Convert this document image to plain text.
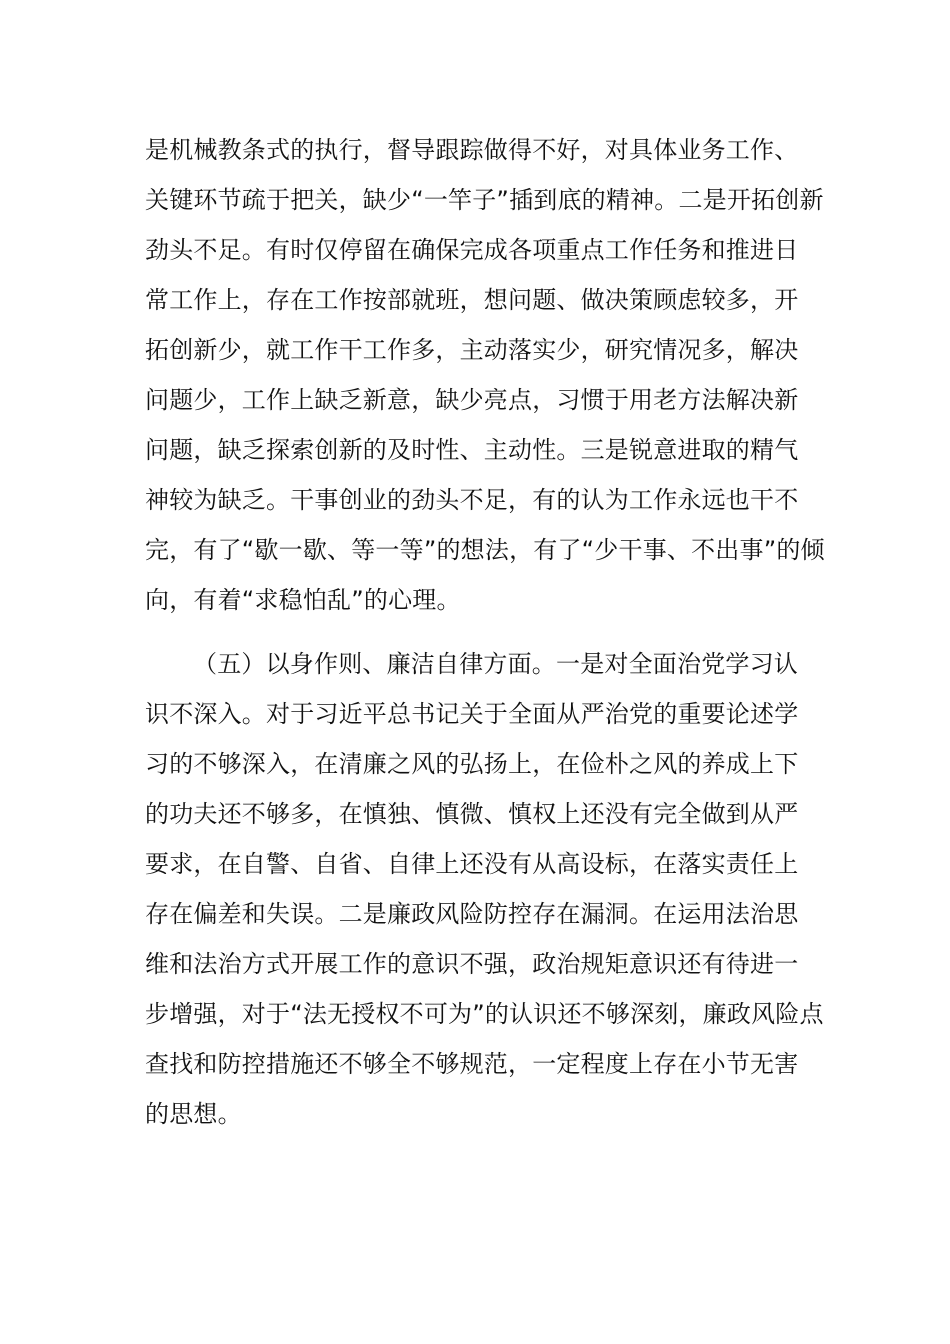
是机械教条式的执行，督导跟踪做得不好，对具体业务工作、
关键环节疏于把关，缺少“一竿子”插到底的精神。二是开拓创新
劲头不足。有时仅停留在确保完成各项重点工作任务和推进日
常工作上，存在工作按部就班，想问题、做决策顾虑较多，开
拓创新少，就工作干工作多，主动落实少，研究情况多，解决
问题少，工作上缺乏新意，缺少亮点，习惯于用老方法解决新
问题，缺乏探索创新的及时性、主动性。三是锐意进取的精气
神较为缺乏。干事创业的劲头不足，有的认为工作永远也干不
完，有了“歇一歇、等一等”的想法，有了“少干事、不出事”的倾
向，有着“求稳怕乱”的心理。
（五）以身作则、廉洁自律方面。一是对全面治党学习认
识不深入。对于习近平总书记关于全面从严治党的重要论述学
习的不够深入，在清廉之风的弘扬上，在俭朴之风的养成上下
的功夫还不够多，在慎独、慎微、慎权上还没有完全做到从严
要求，在自警、自省、自律上还没有从高设标，在落实责任上
存在偏差和失误。二是廉政风险防控存在漏洞。在运用法治思
维和法治方式开展工作的意识不强，政治规矩意识还有待进一
步增强，对于“法无授权不可为”的认识还不够深刻，廉政风险点
查找和防控措施还不够全不够规范，一定程度上存在小节无害
的思想。
